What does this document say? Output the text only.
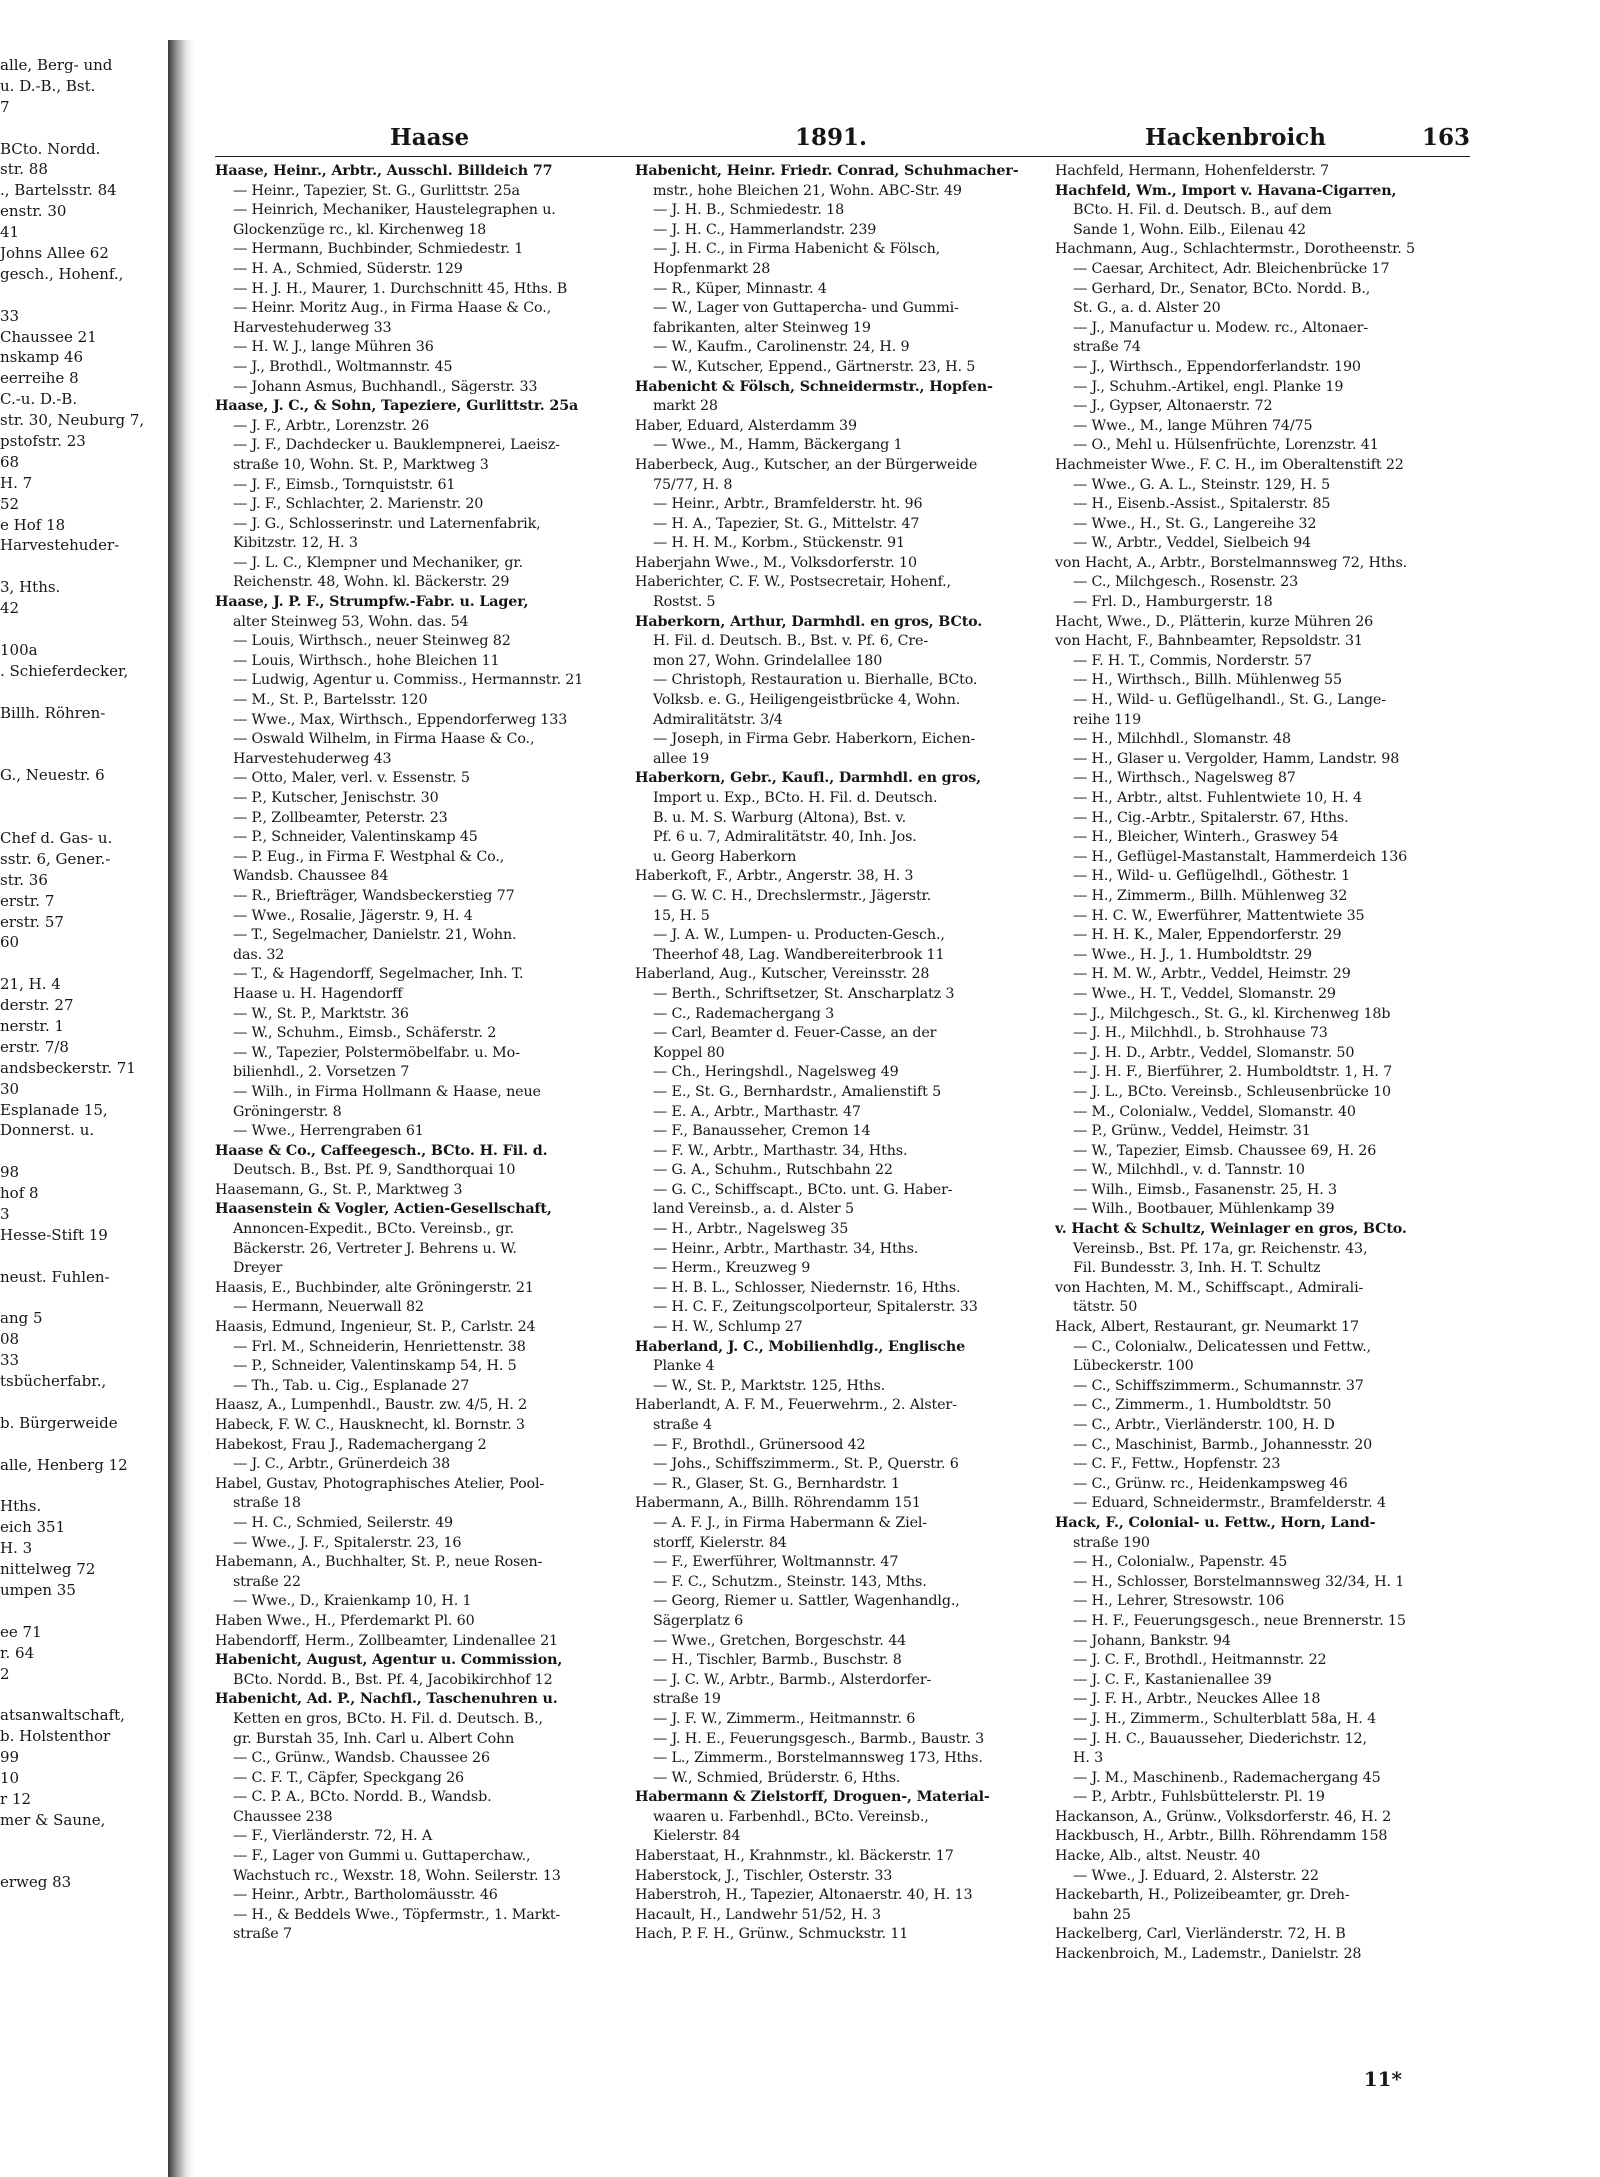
alle, Berg- und
u. D.-B., Bst.
7
BCto. Nordd.
str. 88
., Bartelsstr. 84
enstr. 30
41
Johns Allee 62
gesch., Hohenf.,
33
Chaussee 21
nskamp 46
eerreihe 8
C.-u. D.-B.
str. 30, Neuburg 7,
pstofstr. 23
68
H. 7
52
e Hof 18
Harvestehuder-
3, Hths.
42
100a
. Schieferdecker,
Billh. Röhren-
G., Neuestr. 6
Chef d. Gas- u.
sstr. 6, Gener.-
str. 36
erstr. 7
erstr. 57
60
21, H. 4
derstr. 27
nerstr. 1
erstr. 7/8
andsbeckerstr. 71
30
Esplanade 15,
Donnerst. u.
98
hof 8
3
Hesse-Stift 19
neust. Fuhlen-
ang 5
08
33
tsbücherfabr.,
b. Bürgerweide
alle, Henberg 12
Hths.
eich 351
H. 3
nittelweg 72
umpen 35
ee 71
r. 64
2
atsanwaltschaft,
b. Holstenthor
99
10
r 12
mer & Saune,
erweg 83
Haase	1891.	Hackenbroich	163
Haase, Heinr., Arbtr., Ausschl. Billdeich 77
— Heinr., Tapezier, St. G., Gurlittstr. 25a
— Heinrich, Mechaniker, Haustelegraphen u.
Glockenzüge rc., kl. Kirchenweg 18
— Hermann, Buchbinder, Schmiedestr. 1
— H. A., Schmied, Süderstr. 129
— H. J. H., Maurer, 1. Durchschnitt 45, Hths. B
— Heinr. Moritz Aug., in Firma Haase & Co.,
Harvestehuderweg 33
— H. W. J., lange Mühren 36
— J., Brothdl., Woltmannstr. 45
— Johann Asmus, Buchhandl., Sägerstr. 33
Haase, J. C., & Sohn, Tapeziere, Gurlittstr. 25a
— J. F., Arbtr., Lorenzstr. 26
— J. F., Dachdecker u. Bauklempnerei, Laeisz-
straße 10, Wohn. St. P., Marktweg 3
— J. F., Eimsb., Tornquiststr. 61
— J. F., Schlachter, 2. Marienstr. 20
— J. G., Schlosserinstr. und Laternenfabrik,
Kibitzstr. 12, H. 3
— J. L. C., Klempner und Mechaniker, gr.
Reichenstr. 48, Wohn. kl. Bäckerstr. 29
Haase, J. P. F., Strumpfw.-Fabr. u. Lager,
alter Steinweg 53, Wohn. das. 54
— Louis, Wirthsch., neuer Steinweg 82
— Louis, Wirthsch., hohe Bleichen 11
— Ludwig, Agentur u. Commiss., Hermannstr. 21
— M., St. P., Bartelsstr. 120
— Wwe., Max, Wirthsch., Eppendorferweg 133
— Oswald Wilhelm, in Firma Haase & Co.,
Harvestehuderweg 43
— Otto, Maler, verl. v. Essenstr. 5
— P., Kutscher, Jenischstr. 30
— P., Zollbeamter, Peterstr. 23
— P., Schneider, Valentinskamp 45
— P. Eug., in Firma F. Westphal & Co.,
Wandsb. Chaussee 84
— R., Briefträger, Wandsbeckerstieg 77
— Wwe., Rosalie, Jägerstr. 9, H. 4
— T., Segelmacher, Danielstr. 21, Wohn.
das. 32
— T., & Hagendorff, Segelmacher, Inh. T.
Haase u. H. Hagendorff
— W., St. P., Marktstr. 36
— W., Schuhm., Eimsb., Schäferstr. 2
— W., Tapezier, Polstermöbelfabr. u. Mo-
bilienhdl., 2. Vorsetzen 7
— Wilh., in Firma Hollmann & Haase, neue
Gröningerstr. 8
— Wwe., Herrengraben 61
Haase & Co., Caffeegesch., BCto. H. Fil. d.
Deutsch. B., Bst. Pf. 9, Sandthorquai 10
Haasemann, G., St. P., Marktweg 3
Haasenstein & Vogler, Actien-Gesellschaft,
Annoncen-Expedit., BCto. Vereinsb., gr.
Bäckerstr. 26, Vertreter J. Behrens u. W.
Dreyer
Haasis, E., Buchbinder, alte Gröningerstr. 21
— Hermann, Neuerwall 82
Haasis, Edmund, Ingenieur, St. P., Carlstr. 24
— Frl. M., Schneiderin, Henriettenstr. 38
— P., Schneider, Valentinskamp 54, H. 5
— Th., Tab. u. Cig., Esplanade 27
Haasz, A., Lumpenhdl., Baustr. zw. 4/5, H. 2
Habeck, F. W. C., Hausknecht, kl. Bornstr. 3
Habekost, Frau J., Rademachergang 2
— J. C., Arbtr., Grünerdeich 38
Habel, Gustav, Photographisches Atelier, Pool-
straße 18
— H. C., Schmied, Seilerstr. 49
— Wwe., J. F., Spitalerstr. 23, 16
Habemann, A., Buchhalter, St. P., neue Rosen-
straße 22
— Wwe., D., Kraienkamp 10, H. 1
Haben Wwe., H., Pferdemarkt Pl. 60
Habendorff, Herm., Zollbeamter, Lindenallee 21
Habenicht, August, Agentur u. Commission,
BCto. Nordd. B., Bst. Pf. 4, Jacobikirchhof 12
Habenicht, Ad. P., Nachfl., Taschenuhren u.
Ketten en gros, BCto. H. Fil. d. Deutsch. B.,
gr. Burstah 35, Inh. Carl u. Albert Cohn
— C., Grünw., Wandsb. Chaussee 26
— C. F. T., Cäpfer, Speckgang 26
— C. P. A., BCto. Nordd. B., Wandsb.
Chaussee 238
— F., Vierländerstr. 72, H. A
— F., Lager von Gummi u. Guttaperchaw.,
Wachstuch rc., Wexstr. 18, Wohn. Seilerstr. 13
— Heinr., Arbtr., Bartholomäusstr. 46
— H., & Beddels Wwe., Töpfermstr., 1. Markt-
straße 7
Habenicht, Heinr. Friedr. Conrad, Schuhmacher-
mstr., hohe Bleichen 21, Wohn. ABC-Str. 49
— J. H. B., Schmiedestr. 18
— J. H. C., Hammerlandstr. 239
— J. H. C., in Firma Habenicht & Fölsch,
Hopfenmarkt 28
— R., Küper, Minnastr. 4
— W., Lager von Guttapercha- und Gummi-
fabrikanten, alter Steinweg 19
— W., Kaufm., Carolinenstr. 24, H. 9
— W., Kutscher, Eppend., Gärtnerstr. 23, H. 5
Habenicht & Fölsch, Schneidermstr., Hopfen-
markt 28
Haber, Eduard, Alsterdamm 39
— Wwe., M., Hamm, Bäckergang 1
Haberbeck, Aug., Kutscher, an der Bürgerweide
75/77, H. 8
— Heinr., Arbtr., Bramfelderstr. ht. 96
— H. A., Tapezier, St. G., Mittelstr. 47
— H. H. M., Korbm., Stückenstr. 91
Haberjahn Wwe., M., Volksdorferstr. 10
Haberichter, C. F. W., Postsecretair, Hohenf.,
Rostst. 5
Haberkorn, Arthur, Darmhdl. en gros, BCto.
H. Fil. d. Deutsch. B., Bst. v. Pf. 6, Cre-
mon 27, Wohn. Grindelallee 180
— Christoph, Restauration u. Bierhalle, BCto.
Volksb. e. G., Heiligengeistbrücke 4, Wohn.
Admiralitätstr. 3/4
— Joseph, in Firma Gebr. Haberkorn, Eichen-
allee 19
Haberkorn, Gebr., Kaufl., Darmhdl. en gros,
Import u. Exp., BCto. H. Fil. d. Deutsch.
B. u. M. S. Warburg (Altona), Bst. v.
Pf. 6 u. 7, Admiralitätstr. 40, Inh. Jos.
u. Georg Haberkorn
Haberkoft, F., Arbtr., Angerstr. 38, H. 3
— G. W. C. H., Drechslermstr., Jägerstr.
15, H. 5
— J. A. W., Lumpen- u. Producten-Gesch.,
Theerhof 48, Lag. Wandbereiterbrook 11
Haberland, Aug., Kutscher, Vereinsstr. 28
— Berth., Schriftsetzer, St. Anscharplatz 3
— C., Rademachergang 3
— Carl, Beamter d. Feuer-Casse, an der
Koppel 80
— Ch., Heringshdl., Nagelsweg 49
— E., St. G., Bernhardstr., Amalienstift 5
— E. A., Arbtr., Marthastr. 47
— F., Banausseher, Cremon 14
— F. W., Arbtr., Marthastr. 34, Hths.
— G. A., Schuhm., Rutschbahn 22
— G. C., Schiffscapt., BCto. unt. G. Haber-
land Vereinsb., a. d. Alster 5
— H., Arbtr., Nagelsweg 35
— Heinr., Arbtr., Marthastr. 34, Hths.
— Herm., Kreuzweg 9
— H. B. L., Schlosser, Niedernstr. 16, Hths.
— H. C. F., Zeitungscolporteur, Spitalerstr. 33
— H. W., Schlump 27
Haberland, J. C., Mobilienhdlg., Englische
Planke 4
— W., St. P., Marktstr. 125, Hths.
Haberlandt, A. F. M., Feuerwehrm., 2. Alster-
straße 4
— F., Brothdl., Grünersood 42
— Johs., Schiffszimmerm., St. P., Querstr. 6
— R., Glaser, St. G., Bernhardstr. 1
Habermann, A., Billh. Röhrendamm 151
— A. F. J., in Firma Habermann & Ziel-
storff, Kielerstr. 84
— F., Ewerführer, Woltmannstr. 47
— F. C., Schutzm., Steinstr. 143, Mths.
— Georg, Riemer u. Sattler, Wagenhandlg.,
Sägerplatz 6
— Wwe., Gretchen, Borgeschstr. 44
— H., Tischler, Barmb., Buschstr. 8
— J. C. W., Arbtr., Barmb., Alsterdorfer-
straße 19
— J. F. W., Zimmerm., Heitmannstr. 6
— J. H. E., Feuerungsgesch., Barmb., Baustr. 3
— L., Zimmerm., Borstelmannsweg 173, Hths.
— W., Schmied, Brüderstr. 6, Hths.
Habermann & Zielstorff, Droguen-, Material-
waaren u. Farbenhdl., BCto. Vereinsb.,
Kielerstr. 84
Haberstaat, H., Krahnmstr., kl. Bäckerstr. 17
Haberstock, J., Tischler, Osterstr. 33
Haberstroh, H., Tapezier, Altonaerstr. 40, H. 13
Hacault, H., Landwehr 51/52, H. 3
Hach, P. F. H., Grünw., Schmuckstr. 11
Hachfeld, Hermann, Hohenfelderstr. 7
Hachfeld, Wm., Import v. Havana-Cigarren,
BCto. H. Fil. d. Deutsch. B., auf dem
Sande 1, Wohn. Eilb., Eilenau 42
Hachmann, Aug., Schlachtermstr., Dorotheenstr. 5
— Caesar, Architect, Adr. Bleichenbrücke 17
— Gerhard, Dr., Senator, BCto. Nordd. B.,
St. G., a. d. Alster 20
— J., Manufactur u. Modew. rc., Altonaer-
straße 74
— J., Wirthsch., Eppendorferlandstr. 190
— J., Schuhm.-Artikel, engl. Planke 19
— J., Gypser, Altonaerstr. 72
— Wwe., M., lange Mühren 74/75
— O., Mehl u. Hülsenfrüchte, Lorenzstr. 41
Hachmeister Wwe., F. C. H., im Oberaltenstift 22
— Wwe., G. A. L., Steinstr. 129, H. 5
— H., Eisenb.-Assist., Spitalerstr. 85
— Wwe., H., St. G., Langereihe 32
— W., Arbtr., Veddel, Sielbeich 94
von Hacht, A., Arbtr., Borstelmannsweg 72, Hths.
— C., Milchgesch., Rosenstr. 23
— Frl. D., Hamburgerstr. 18
Hacht, Wwe., D., Plätterin, kurze Mühren 26
von Hacht, F., Bahnbeamter, Repsoldstr. 31
— F. H. T., Commis, Norderstr. 57
— H., Wirthsch., Billh. Mühlenweg 55
— H., Wild- u. Geflügelhandl., St. G., Lange-
reihe 119
— H., Milchhdl., Slomanstr. 48
— H., Glaser u. Vergolder, Hamm, Landstr. 98
— H., Wirthsch., Nagelsweg 87
— H., Arbtr., altst. Fuhlentwiete 10, H. 4
— H., Cig.-Arbtr., Spitalerstr. 67, Hths.
— H., Bleicher, Winterh., Graswey 54
— H., Geflügel-Mastanstalt, Hammerdeich 136
— H., Wild- u. Geflügelhdl., Göthestr. 1
— H., Zimmerm., Billh. Mühlenweg 32
— H. C. W., Ewerführer, Mattentwiete 35
— H. H. K., Maler, Eppendorferstr. 29
— Wwe., H. J., 1. Humboldtstr. 29
— H. M. W., Arbtr., Veddel, Heimstr. 29
— Wwe., H. T., Veddel, Slomanstr. 29
— J., Milchgesch., St. G., kl. Kirchenweg 18b
— J. H., Milchhdl., b. Strohhause 73
— J. H. D., Arbtr., Veddel, Slomanstr. 50
— J. H. F., Bierführer, 2. Humboldtstr. 1, H. 7
— J. L., BCto. Vereinsb., Schleusenbrücke 10
— M., Colonialw., Veddel, Slomanstr. 40
— P., Grünw., Veddel, Heimstr. 31
— W., Tapezier, Eimsb. Chaussee 69, H. 26
— W., Milchhdl., v. d. Tannstr. 10
— Wilh., Eimsb., Fasanenstr. 25, H. 3
— Wilh., Bootbauer, Mühlenkamp 39
v. Hacht & Schultz, Weinlager en gros, BCto.
Vereinsb., Bst. Pf. 17a, gr. Reichenstr. 43,
Fil. Bundesstr. 3, Inh. H. T. Schultz
von Hachten, M. M., Schiffscapt., Admirali-
tätstr. 50
Hack, Albert, Restaurant, gr. Neumarkt 17
— C., Colonialw., Delicatessen und Fettw.,
Lübeckerstr. 100
— C., Schiffszimmerm., Schumannstr. 37
— C., Zimmerm., 1. Humboldtstr. 50
— C., Arbtr., Vierländerstr. 100, H. D
— C., Maschinist, Barmb., Johannesstr. 20
— C. F., Fettw., Hopfenstr. 23
— C., Grünw. rc., Heidenkampsweg 46
— Eduard, Schneidermstr., Bramfelderstr. 4
Hack, F., Colonial- u. Fettw., Horn, Land-
straße 190
— H., Colonialw., Papenstr. 45
— H., Schlosser, Borstelmannsweg 32/34, H. 1
— H., Lehrer, Stresowstr. 106
— H. F., Feuerungsgesch., neue Brennerstr. 15
— Johann, Bankstr. 94
— J. C. F., Brothdl., Heitmannstr. 22
— J. C. F., Kastanienallee 39
— J. F. H., Arbtr., Neuckes Allee 18
— J. H., Zimmerm., Schulterblatt 58a, H. 4
— J. H. C., Bauausseher, Diederichstr. 12,
H. 3
— J. M., Maschinenb., Rademachergang 45
— P., Arbtr., Fuhlsbüttelerstr. Pl. 19
Hackanson, A., Grünw., Volksdorferstr. 46, H. 2
Hackbusch, H., Arbtr., Billh. Röhrendamm 158
Hacke, Alb., altst. Neustr. 40
— Wwe., J. Eduard, 2. Alsterstr. 22
Hackebarth, H., Polizeibeamter, gr. Dreh-
bahn 25
Hackelberg, Carl, Vierländerstr. 72, H. B
Hackenbroich, M., Lademstr., Danielstr. 28
11*
